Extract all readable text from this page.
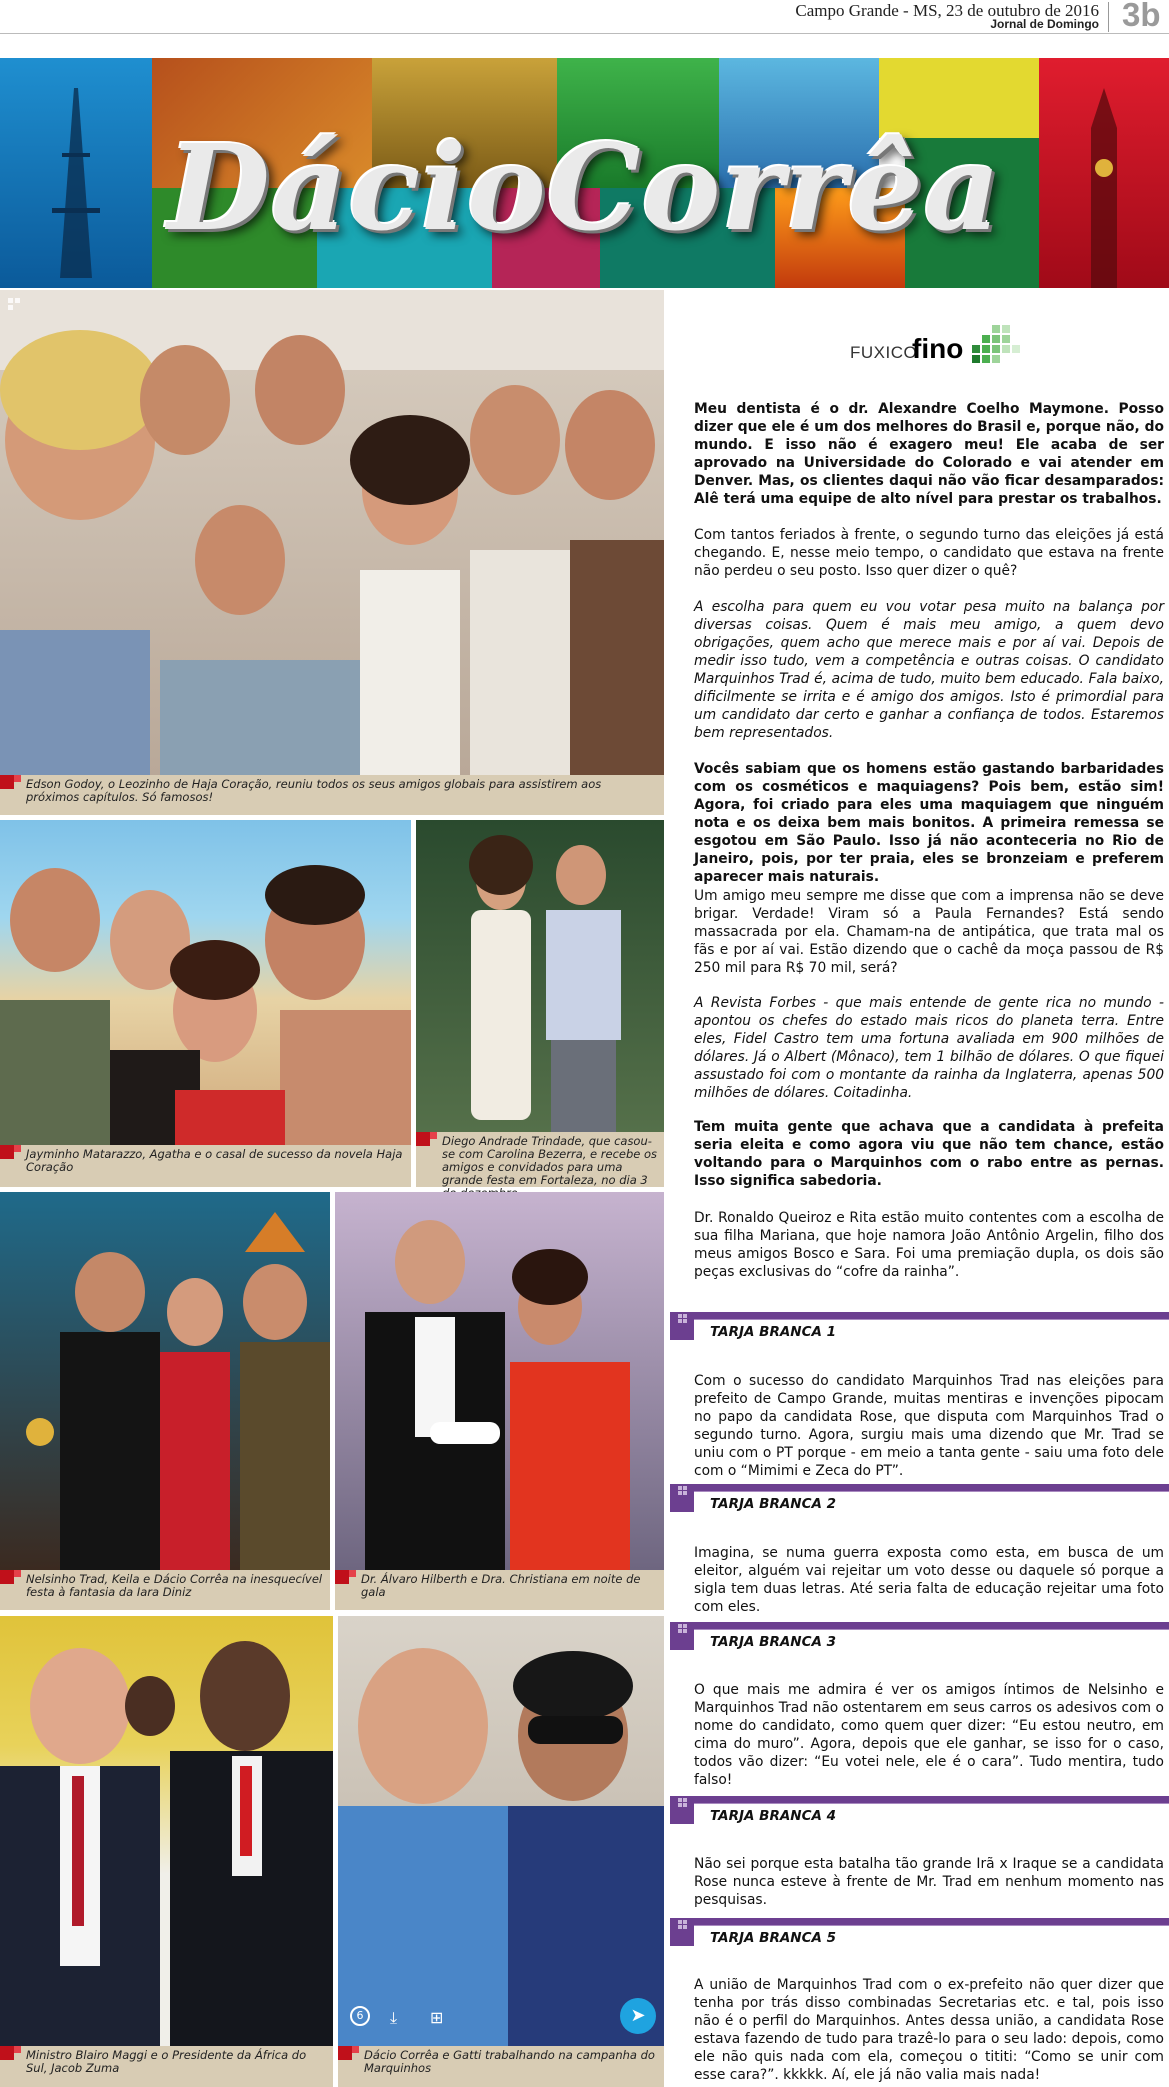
Campo Grande - MS, 23 de outubro de 2016
Jornal de Domingo 3b
DácioCorrêa
Edson Godoy, o Leozinho de Haja Coração, reuniu todos os seus amigos globais para assistirem aos próximos capítulos. Só famosos!
Jayminho Matarazzo, Agatha e o casal de sucesso da novela Haja Coração
Diego Andrade Trindade, que casou-se com Carolina Bezerra, e recebe os amigos e convidados para uma grande festa em Fortaleza, no dia 3
Nelsinho Trad, Keila e Dácio Corrêa na inesquecível festa à fantasia da Iara Diniz
Dr. Álvaro Hilberth e Dra. Christiana em noite de gala
Ministro Blairo Maggi e o Presidente da África do Sul, Jacob Zuma
6	⤓ ⊞	➤
Dácio Corrêa e Gatti trabalhando na campanha do Marquinhos
FUXICO
fino
Meu dentista é o dr. Alexandre Coelho Maymone. Posso dizer que ele é um dos melhores do Brasil e, porque não, do mundo. E isso não é exagero meu! Ele acaba de ser aprovado na Universidade do Colorado e vai atender em Denver. Mas, os clientes daqui não vão ficar desamparados: Alê terá uma equipe de alto nível para prestar os trabalhos.
Com tantos feriados à frente, o segundo turno das eleições já está chegando. E, nesse meio tempo, o candidato que estava na frente não perdeu o seu posto. Isso quer dizer o quê?
A escolha para quem eu vou votar pesa muito na balança por diversas coisas. Quem é mais meu amigo, a quem devo obrigações, quem acho que merece mais e por aí vai. Depois de medir isso tudo, vem a competência e outras coisas. O candidato Marquinhos Trad é, acima de tudo, muito bem educado. Fala baixo, dificilmente se irrita e é amigo dos amigos. Isto é primordial para um candidato dar certo e ganhar a confiança de todos. Estaremos bem representados.
Vocês sabiam que os homens estão gastando barbaridades com os cosméticos e maquiagens? Pois bem, estão sim! Agora, foi criado para eles uma maquiagem que ninguém nota e os deixa bem mais bonitos. A primeira remessa se esgotou em São Paulo. Isso já não aconteceria no Rio de Janeiro, pois, por ter praia, eles se bronzeiam e preferem aparecer mais naturais.
Um amigo meu sempre me disse que com a imprensa não se deve brigar. Verdade! Viram só a Paula Fernandes? Está sendo massacrada por ela. Chamam-na de antipática, que trata mal os fãs e por aí vai. Estão dizendo que o cachê da moça passou de R$ 250 mil para R$ 70 mil, será?
A Revista Forbes - que mais entende de gente rica no mundo - apontou os chefes do estado mais ricos do planeta terra. Entre eles, Fidel Castro tem uma fortuna avaliada em 900 milhões de dólares. Já o Albert (Mônaco), tem 1 bilhão de dólares. O que fiquei assustado foi com o montante da rainha da Inglaterra, apenas 500 milhões de dólares. Coitadinha.
Tem muita gente que achava que a candidata à prefeita seria eleita e como agora viu que não tem chance, estão voltando para o Marquinhos com o rabo entre as pernas. Isso significa sabedoria.
Dr. Ronaldo Queiroz e Rita estão muito contentes com a escolha de sua filha Mariana, que hoje namora João Antônio Argelin, filho dos meus amigos Bosco e Sara. Foi uma premiação dupla, os dois são peças exclusivas do “cofre da rainha”.
TARJA BRANCA 1
Com o sucesso do candidato Marquinhos Trad nas eleições para prefeito de Campo Grande, muitas mentiras e invenções pipocam no papo da candidata Rose, que disputa com Marquinhos Trad o segundo turno. Agora, surgiu mais uma dizendo que Mr. Trad se uniu com o PT porque - em meio a tanta gente - saiu uma foto dele com o “Mimimi e Zeca do PT”.
TARJA BRANCA 2
Imagina, se numa guerra exposta como esta, em busca de um eleitor, alguém vai rejeitar um voto desse ou daquele só porque a sigla tem duas letras. Até seria falta de educação rejeitar uma foto com eles.
TARJA BRANCA 3
O que mais me admira é ver os amigos íntimos de Nelsinho e Marquinhos Trad não ostentarem em seus carros os adesivos com o nome do candidato, como quem quer dizer: “Eu estou neutro, em cima do muro”. Agora, depois que ele ganhar, se isso for o caso, todos vão dizer: “Eu votei nele, ele é o cara”. Tudo mentira, tudo falso!
TARJA BRANCA 4
Não sei porque esta batalha tão grande Irã x Iraque se a candidata Rose nunca esteve à frente de Mr. Trad em nenhum momento nas pesquisas.
TARJA BRANCA 5
A união de Marquinhos Trad com o ex-prefeito não quer dizer que tenha por trás disso combinadas Secretarias etc. e tal, pois isso não é o perfil do Marquinhos. Antes dessa união, a candidata Rose estava fazendo de tudo para trazê-lo para o seu lado: depois, como ele não quis nada com ela, começou o tititi: “Como se unir com esse cara?”. kkkkk. Aí, ele já não valia mais nada!
